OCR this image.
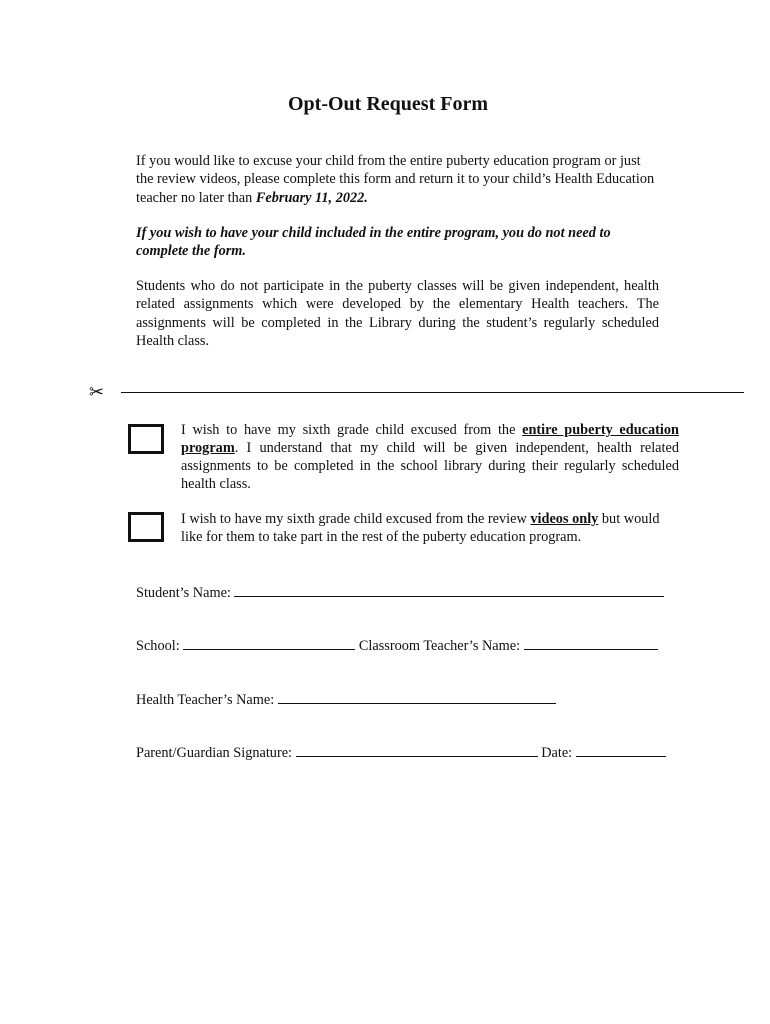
Opt-Out Request Form

If you would like to excuse your child from the entire puberty education program or just the review videos, please complete this form and return it to your child’s Health Education teacher no later than February 11, 2022.

If you wish to have your child included in the entire program, you do not need to complete the form.

Students who do not participate in the puberty classes will be given independent, health related assignments which were developed by the elementary Health teachers. The assignments will be completed in the Library during the student’s regularly scheduled Health class.

✂

I wish to have my sixth grade child excused from the entire puberty education program. I understand that my child will be given independent, health related assignments to be completed in the school library during their regularly scheduled health class.

I wish to have my sixth grade child excused from the review videos only but would like for them to take part in the rest of the puberty education program.

Student’s Name:
School:	Classroom Teacher’s Name:
Health Teacher’s Name:
Parent/Guardian Signature:	Date:
